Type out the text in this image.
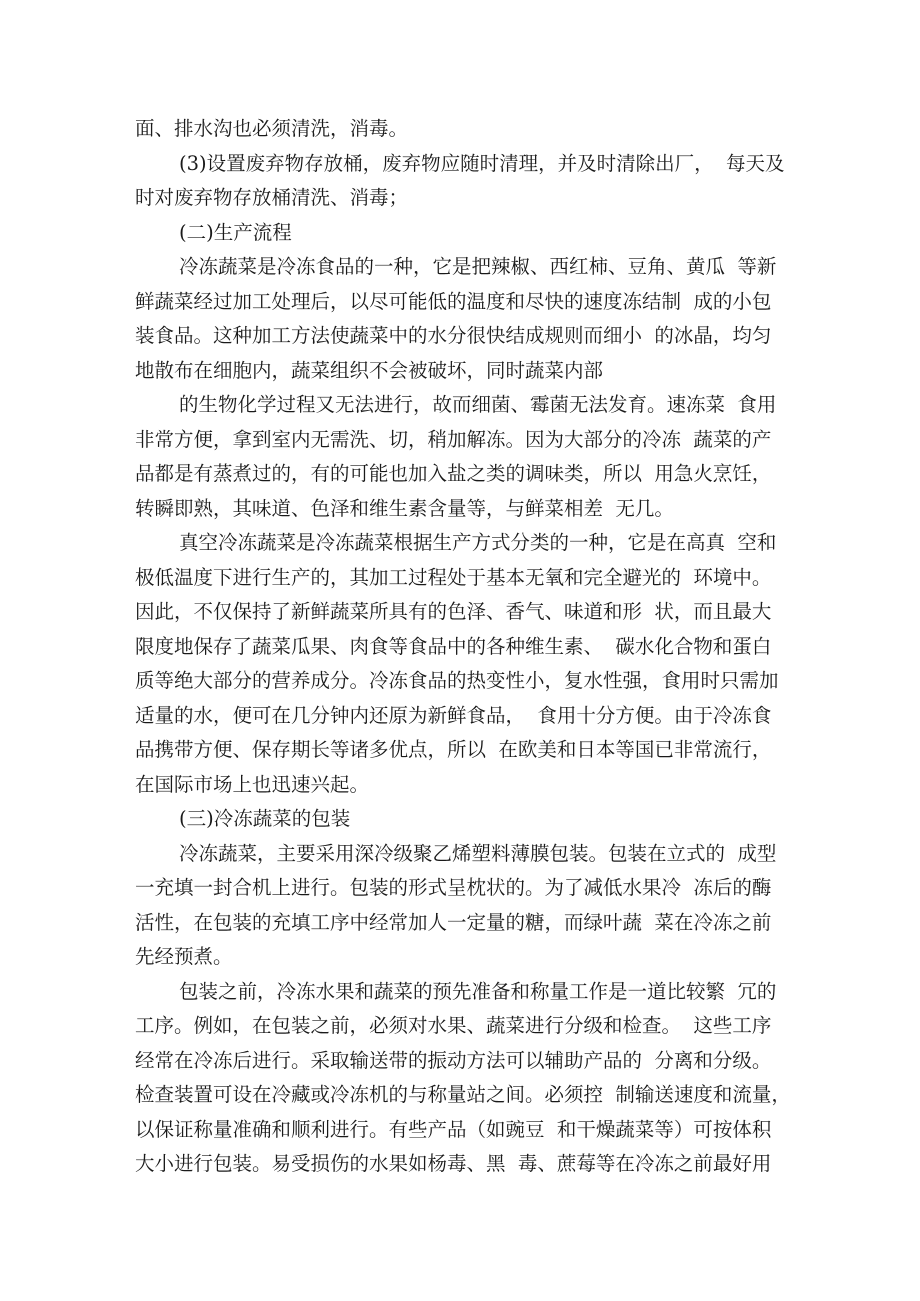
面、排水沟也必须清洗，消毒。
(3)设置废弃物存放桶，废弃物应随时清理，并及时清除出厂，  每天及
时对废弃物存放桶清洗、消毒；
(二)生产流程
冷冻蔬菜是冷冻食品的一种，它是把辣椒、西红柿、豆角、黄瓜  等新
鲜蔬菜经过加工处理后，以尽可能低的温度和尽快的速度冻结制  成的小包
装食品。这种加工方法使蔬菜中的水分很快结成规则而细小  的冰晶，均匀
地散布在细胞内，蔬菜组织不会被破坏，同时蔬菜内部
的生物化学过程又无法进行，故而细菌、霉菌无法发育。速冻菜  食用
非常方便，拿到室内无需洗、切，稍加解冻。因为大部分的冷冻  蔬菜的产
品都是有蒸煮过的，有的可能也加入盐之类的调味类，所以  用急火烹饪，
转瞬即熟，其味道、色泽和维生素含量等，与鲜菜相差  无几。
真空冷冻蔬菜是冷冻蔬菜根据生产方式分类的一种，它是在高真  空和
极低温度下进行生产的，其加工过程处于基本无氧和完全避光的  环境中。
因此，不仅保持了新鲜蔬菜所具有的色泽、香气、味道和形  状，而且最大
限度地保存了蔬菜瓜果、肉食等食品中的各种维生素、  碳水化合物和蛋白
质等绝大部分的营养成分。冷冻食品的热变性小，复水性强，食用时只需加
适量的水，便可在几分钟内还原为新鲜食品，  食用十分方便。由于冷冻食
品携带方便、保存期长等诸多优点，所以  在欧美和日本等国已非常流行，
在国际市场上也迅速兴起。
(三)冷冻蔬菜的包装
冷冻蔬菜，主要采用深冷级聚乙烯塑料薄膜包装。包装在立式的  成型
一充填一封合机上进行。包装的形式呈枕状的。为了减低水果冷  冻后的酶
活性，在包装的充填工序中经常加人一定量的糖，而绿叶蔬  菜在冷冻之前
先经预煮。
包装之前，冷冻水果和蔬菜的预先准备和称量工作是一道比较繁  冗的
工序。例如，在包装之前，必须对水果、蔬菜进行分级和检查。  这些工序
经常在冷冻后进行。采取输送带的振动方法可以辅助产品的  分离和分级。
检查装置可设在冷藏或冷冻机的与称量站之间。必须控  制输送速度和流量，
以保证称量准确和顺利进行。有些产品（如豌豆  和干燥蔬菜等）可按体积
大小进行包装。易受损伤的水果如杨毒、黑  毒、蔗莓等在冷冻之前最好用
